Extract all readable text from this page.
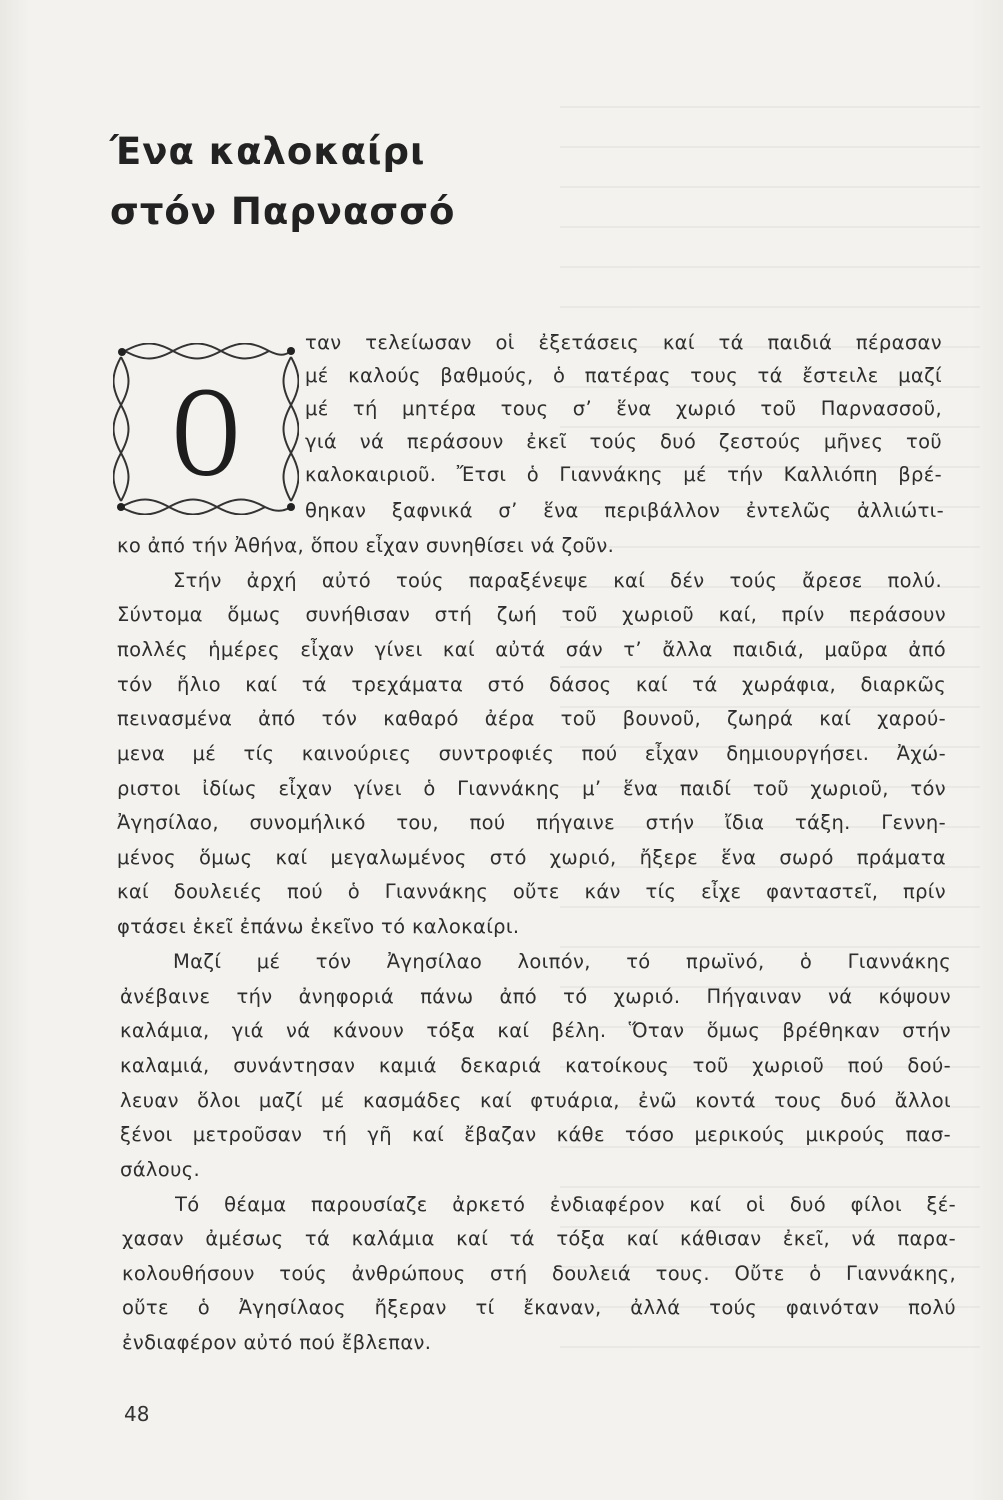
Ένα καλοκαίρι
στόν Παρνασσό
Ο
ταν τελείωσαν οἱ ἐξετάσεις καί τά παιδιά πέρασαν
μέ καλούς βαθμούς, ὁ πατέρας τους τά ἔστειλε μαζί
μέ τή μητέρα τους σ’ ἕνα χωριό τοῦ Παρνασσοῦ,
γιά νά περάσουν ἐκεῖ τούς δυό ζεστούς μῆνες τοῦ
καλοκαιριοῦ. Ἔτσι ὁ Γιαννάκης μέ τήν Καλλιόπη βρέ-
θηκαν ξαφνικά σ’ ἕνα περιβάλλον ἐντελῶς ἀλλιώτι-
κο ἀπό τήν Ἀθήνα, ὅπου εἶχαν συνηθίσει νά ζοῦν.
Στήν ἀρχή αὐτό τούς παραξένεψε καί δέν τούς ἄρεσε πολύ.
Σύντομα ὅμως συνήθισαν στή ζωή τοῦ χωριοῦ καί, πρίν περάσουν
πολλές ἡμέρες εἶχαν γίνει καί αὐτά σάν τ’ ἄλλα παιδιά, μαῦρα ἀπό
τόν ἥλιο καί τά τρεχάματα στό δάσος καί τά χωράφια, διαρκῶς
πεινασμένα ἀπό τόν καθαρό ἀέρα τοῦ βουνοῦ, ζωηρά καί χαρού-
μενα μέ τίς καινούριες συντροφιές πού εἶχαν δημιουργήσει. Ἀχώ-
ριστοι ἰδίως εἶχαν γίνει ὁ Γιαννάκης μ’ ἕνα παιδί τοῦ χωριοῦ, τόν
Ἀγησίλαο, συνομήλικό του, πού πήγαινε στήν ἴδια τάξη. Γεννη-
μένος ὅμως καί μεγαλωμένος στό χωριό, ἤξερε ἕνα σωρό πράματα
καί δουλειές πού ὁ Γιαννάκης οὔτε κάν τίς εἶχε φανταστεῖ, πρίν
φτάσει ἐκεῖ ἐπάνω ἐκεῖνο τό καλοκαίρι.
Μαζί μέ τόν Ἀγησίλαο λοιπόν, τό πρωϊνό, ὁ Γιαννάκης
ἀνέβαινε τήν ἀνηφοριά πάνω ἀπό τό χωριό. Πήγαιναν νά κόψουν
καλάμια, γιά νά κάνουν τόξα καί βέλη. Ὅταν ὅμως βρέθηκαν στήν
καλαμιά, συνάντησαν καμιά δεκαριά κατοίκους τοῦ χωριοῦ πού δού-
λευαν ὅλοι μαζί μέ κασμάδες καί φτυάρια, ἐνῶ κοντά τους δυό ἄλλοι
ξένοι μετροῦσαν τή γῆ καί ἔβαζαν κάθε τόσο μερικούς μικρούς πασ-
σάλους.
Τό θέαμα παρουσίαζε ἀρκετό ἐνδιαφέρον καί οἱ δυό φίλοι ξέ-
χασαν ἀμέσως τά καλάμια καί τά τόξα καί κάθισαν ἐκεῖ, νά παρα-
κολουθήσουν τούς ἀνθρώπους στή δουλειά τους. Οὔτε ὁ Γιαννάκης,
οὔτε ὁ Ἀγησίλαος ἤξεραν τί ἔκαναν, ἀλλά τούς φαινόταν πολύ
ἐνδιαφέρον αὐτό πού ἔβλεπαν.
48
